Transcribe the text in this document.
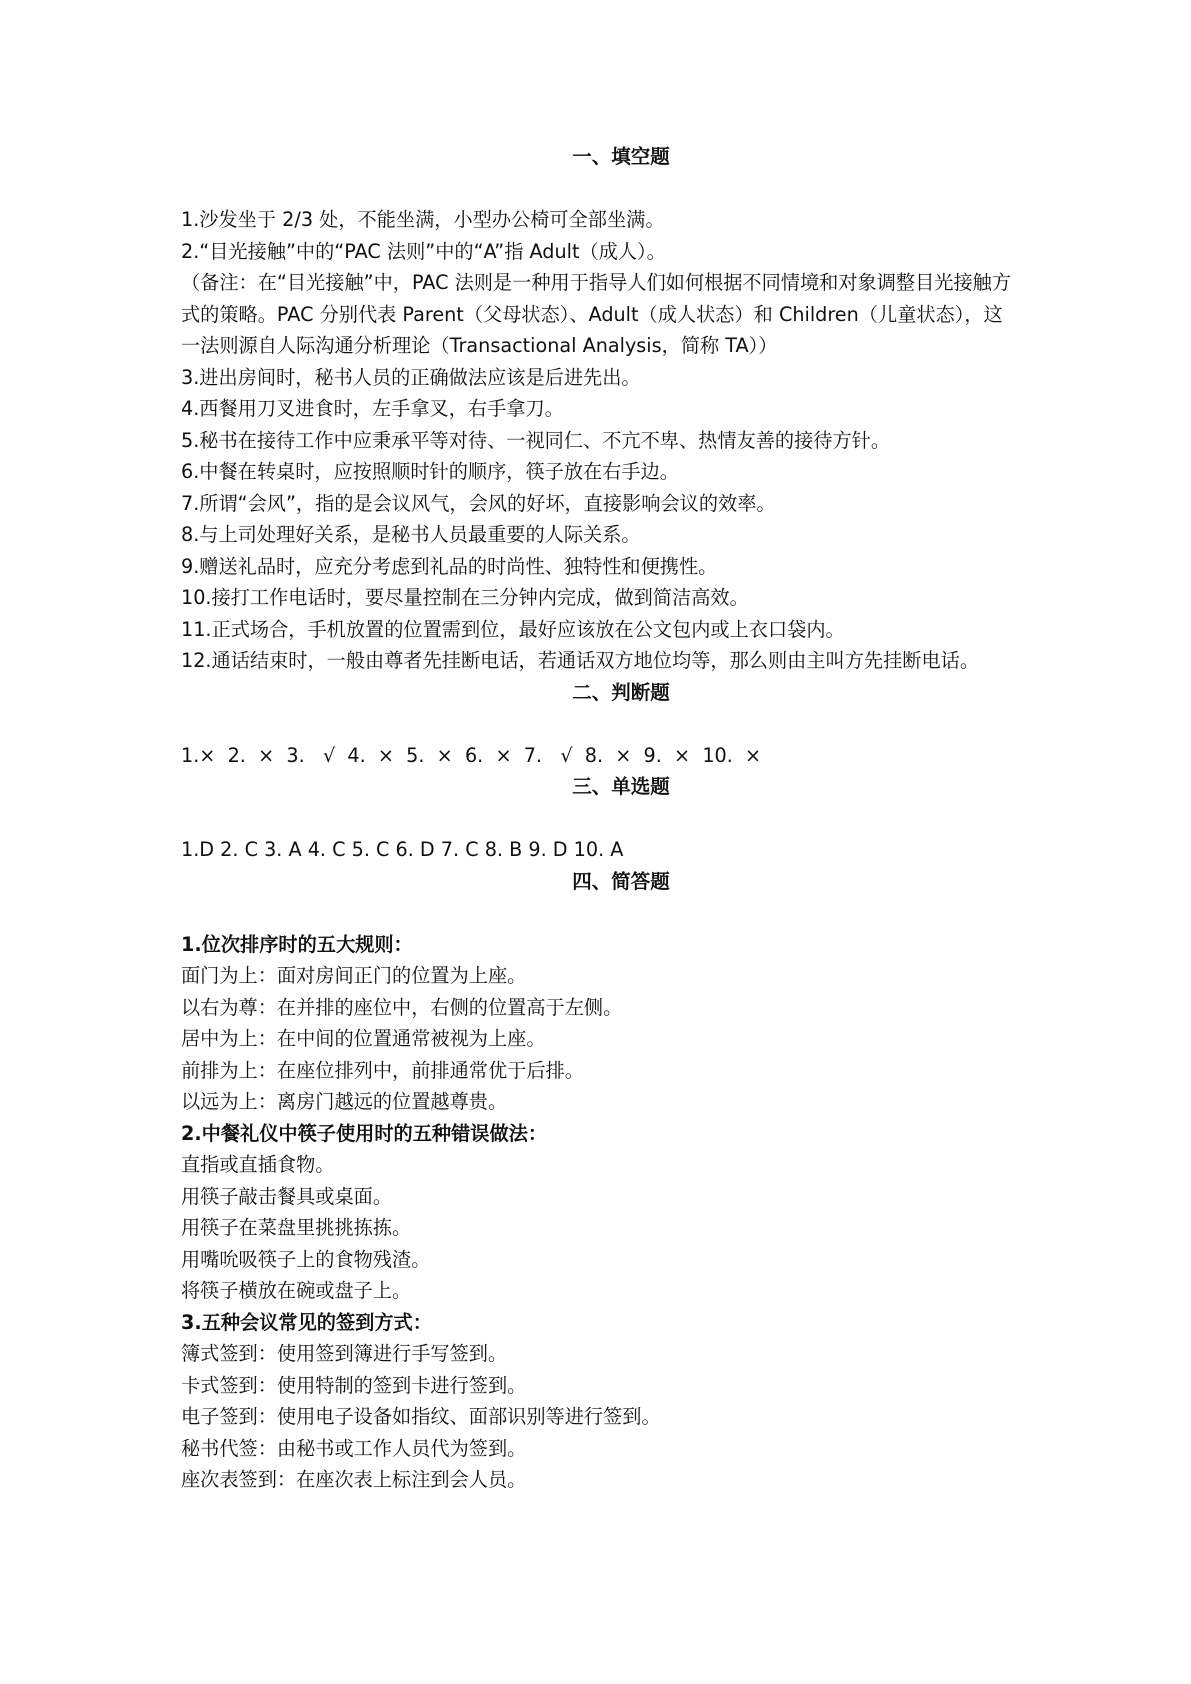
一、填空题

1.沙发坐于 2/3 处，不能坐满，小型办公椅可全部坐满。

2.“目光接触”中的“PAC 法则”中的“A”指 Adult（成人）。

（备注：在“目光接触”中，PAC 法则是一种用于指导人们如何根据不同情境和对象调整目光接触方式的策略。PAC 分别代表 Parent（父母状态）、Adult（成人状态）和 Children（儿童状态），这一法则源自人际沟通分析理论（Transactional Analysis，简称 TA））

3.进出房间时，秘书人员的正确做法应该是后进先出。

4.西餐用刀叉进食时，左手拿叉，右手拿刀。

5.秘书在接待工作中应秉承平等对待、一视同仁、不亢不卑、热情友善的接待方针。

6.中餐在转桌时，应按照顺时针的顺序，筷子放在右手边。

7.所谓“会风”，指的是会议风气，会风的好坏，直接影响会议的效率。

8.与上司处理好关系，是秘书人员最重要的人际关系。

9.赠送礼品时，应充分考虑到礼品的时尚性、独特性和便携性。

10.接打工作电话时，要尽量控制在三分钟内完成，做到简洁高效。

11.正式场合，手机放置的位置需到位，最好应该放在公文包内或上衣口袋内。

12.通话结束时，一般由尊者先挂断电话，若通话双方地位均等，那么则由主叫方先挂断电话。

二、判断题

1.×  2.  ×  3.   √  4.  ×  5.  ×  6.  ×  7.   √  8.  ×  9.  ×  10.  ×

三、单选题

1.D 2. C 3. A 4. C 5. C 6. D 7. C 8. B 9. D 10. A

四、简答题

1.位次排序时的五大规则：

面门为上：面对房间正门的位置为上座。

以右为尊：在并排的座位中，右侧的位置高于左侧。

居中为上：在中间的位置通常被视为上座。

前排为上：在座位排列中，前排通常优于后排。

以远为上：离房门越远的位置越尊贵。

2.中餐礼仪中筷子使用时的五种错误做法：

直指或直插食物。

用筷子敲击餐具或桌面。

用筷子在菜盘里挑挑拣拣。

用嘴吮吸筷子上的食物残渣。

将筷子横放在碗或盘子上。

3.五种会议常见的签到方式：

簿式签到：使用签到簿进行手写签到。

卡式签到：使用特制的签到卡进行签到。

电子签到：使用电子设备如指纹、面部识别等进行签到。

秘书代签：由秘书或工作人员代为签到。

座次表签到：在座次表上标注到会人员。
